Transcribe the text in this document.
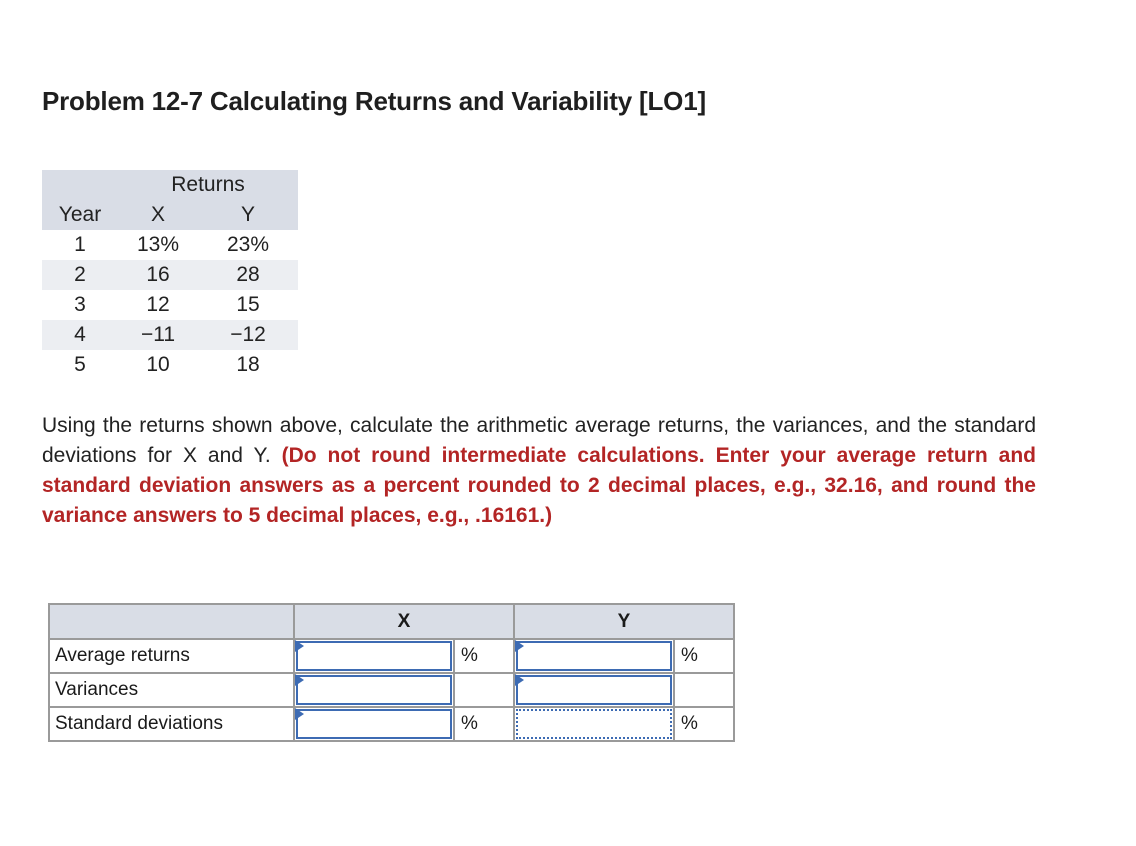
Problem 12-7 Calculating Returns and Variability [LO1]
	Returns	
Year	X	Y
1	13%	23%
2	16	28
3	12	15
4	−11	−12
5	10	18
Using the returns shown above, calculate the arithmetic average returns, the variances, and the standard deviations for X and Y. (Do not round intermediate calculations. Enter your average return and standard deviation answers as a percent rounded to 2 decimal places, e.g., 32.16, and round the variance answers to 5 decimal places, e.g., .16161.)
	X		Y	
Average returns		%		%
Variances	

Standard deviations		%		%
